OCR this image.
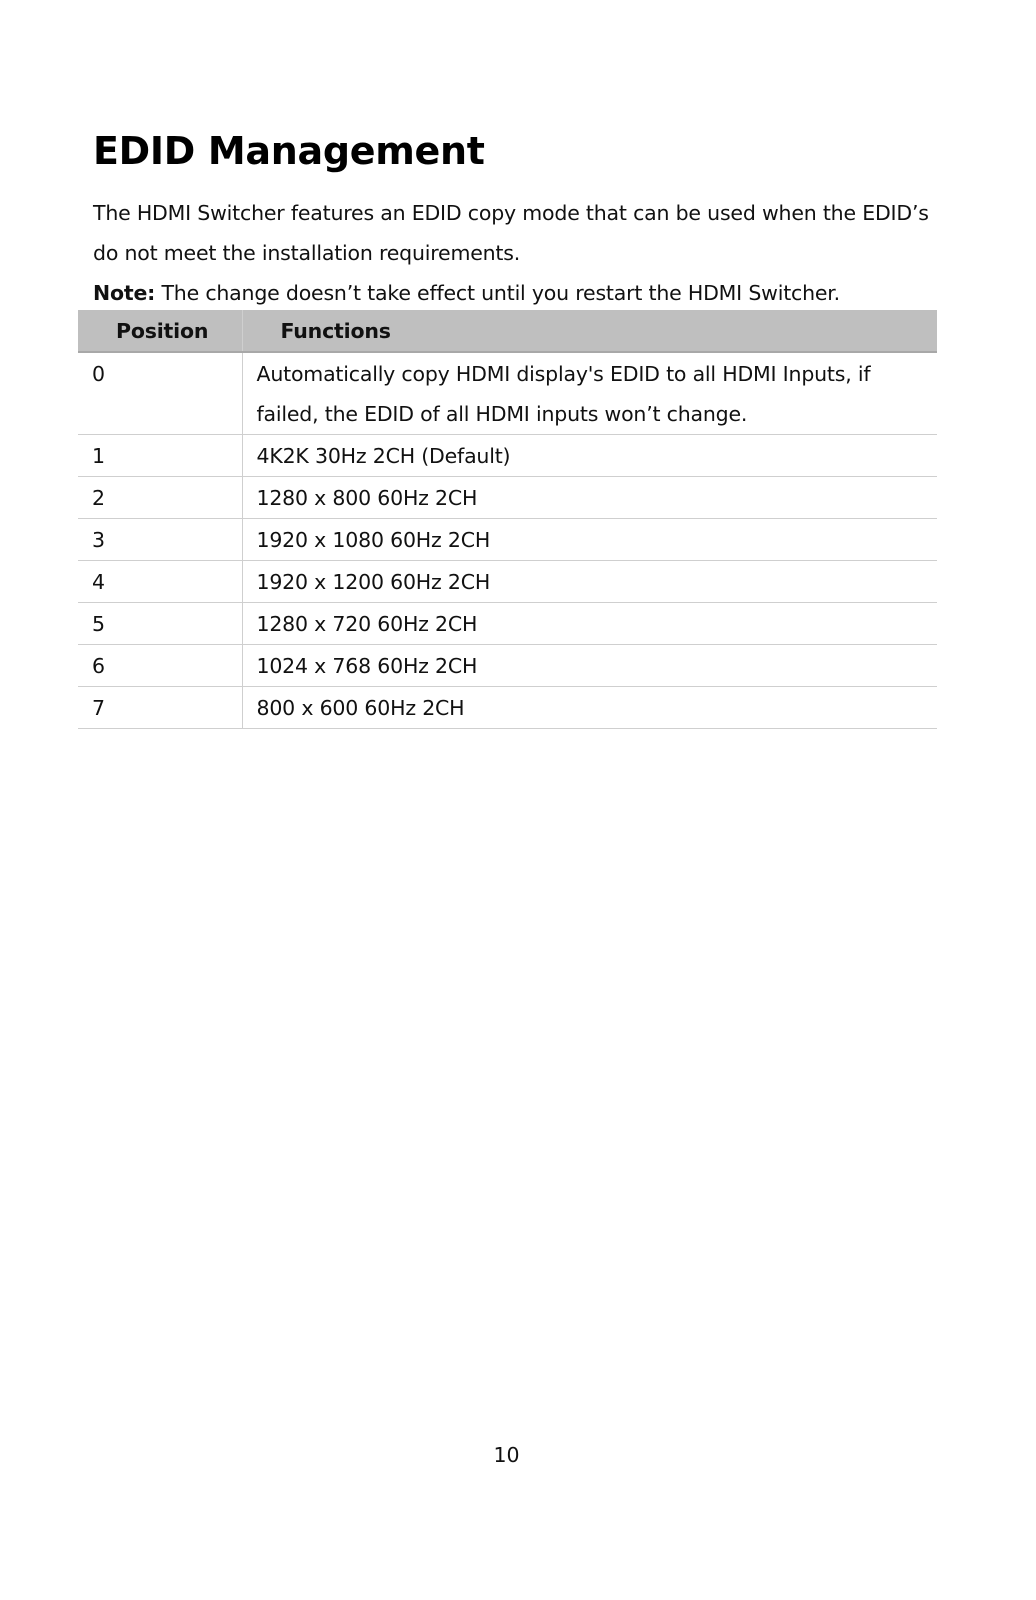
EDID Management

The HDMI Switcher features an EDID copy mode that can be used when the EDID’s do not meet the installation requirements.

Note: The change doesn’t take effect until you restart the HDMI Switcher.

Position	Functions
0	Automatically copy HDMI display's EDID to all HDMI Inputs, if failed, the EDID of all HDMI inputs won’t change.
1	4K2K 30Hz 2CH (Default)
2	1280 x 800 60Hz 2CH
3	1920 x 1080 60Hz 2CH
4	1920 x 1200 60Hz 2CH
5	1280 x 720 60Hz 2CH
6	1024 x 768 60Hz 2CH
7	800 x 600 60Hz 2CH
10
